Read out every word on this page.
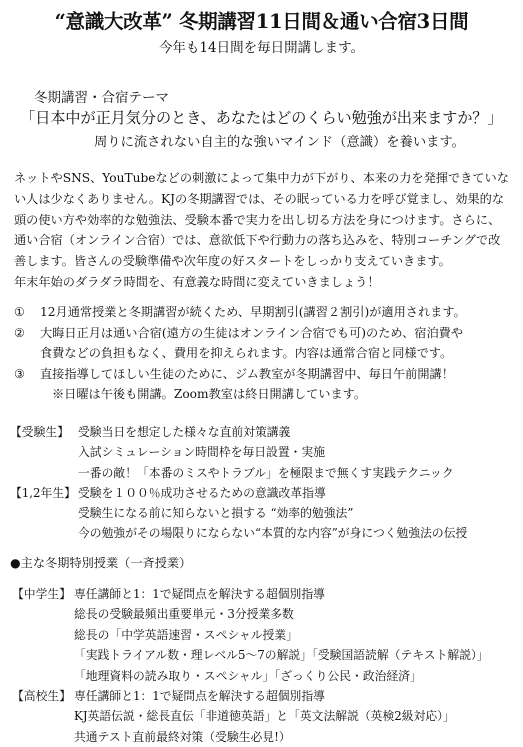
“意識大改革” 冬期講習11日間＆通い合宿3日間
今年も14日間を毎日開講します。
冬期講習・合宿テーマ
「日本中が正月気分のとき、あなたはどのくらい勉強が出来ますか？」
周りに流されない自主的な強いマインド（意識）を養います。
ネットやSNS、YouTubeなどの刺激によって集中力が下がり、本来の力を発揮できていな
い人は少なくありません。KJの冬期講習では、その眠っている力を呼び覚まし、効果的な
頭の使い方や効率的な勉強法、受験本番で実力を出し切る方法を身につけます。さらに、
通い合宿（オンライン合宿）では、意欲低下や行動力の落ち込みを、特別コーチングで改
善します。皆さんの受験準備や次年度の好スタートをしっかり支えていきます。
年末年始のダラダラ時間を、有意義な時間に変えていきましょう！
①	12月通常授業と冬期講習が続くため、早期割引(講習２割引)が適用されます。
②	大晦日正月は通い合宿(遠方の生徒はオンライン合宿でも可)のため、宿泊費や
食費などの負担もなく、費用を抑えられます。内容は通常合宿と同様です。
③	直接指導してほしい生徒のために、ジム教室が冬期講習中、毎日午前開講！
※日曜は午後も開講。Zoom教室は終日開講しています。
【受験生】 受験当日を想定した様々な直前対策講義
入試シミュレーション時間枠を毎日設置・実施
一番の敵！「本番のミスやトラブル」を極限まで無くす実践テクニック
【1,2年生】 受験を１００％成功させるための意識改革指導
受験生になる前に知らないと損する “効率的勉強法”
今の勉強がその場限りにならない“本質的な内容”が身につく勉強法の伝授
●主な冬期特別授業（一斉授業）
【中学生】 専任講師と1：1で疑問点を解決する超個別指導
総長の受験最頻出重要単元・3分授業多数
総長の「中学英語速習・スペシャル授業」
「実践トライアル数・理レベル5～7の解説」「受験国語読解（テキスト解説）」
「地理資料の読み取り・スペシャル」「ざっくり公民・政治経済」
【高校生】 専任講師と1：1で疑問点を解決する超個別指導
KJ英語伝説・総長直伝「非道徳英語」と「英文法解説（英検2級対応）」
共通テスト直前最終対策（受験生必見!）
